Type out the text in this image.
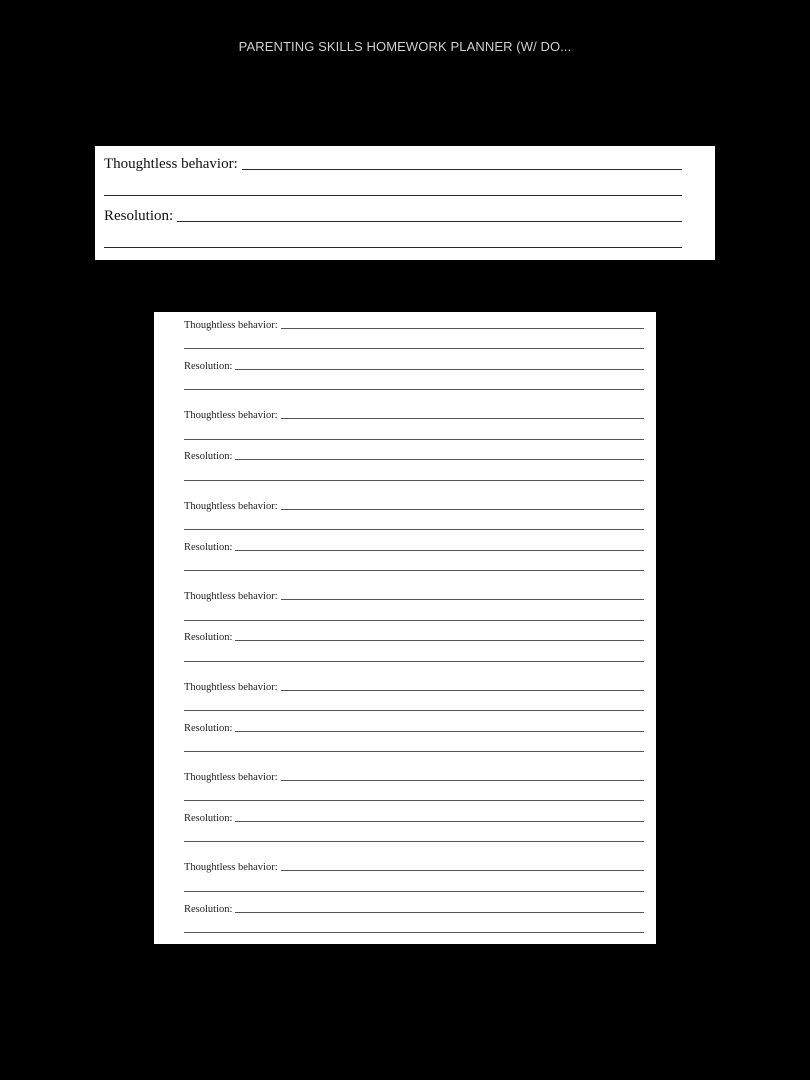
PARENTING SKILLS HOMEWORK PLANNER (W/ DO...
Thoughtless behavior:
Resolution:
Thoughtless behavior:
Resolution:
Thoughtless behavior:
Resolution:
Thoughtless behavior:
Resolution:
Thoughtless behavior:
Resolution:
Thoughtless behavior:
Resolution:
Thoughtless behavior:
Resolution:
Thoughtless behavior:
Resolution:
